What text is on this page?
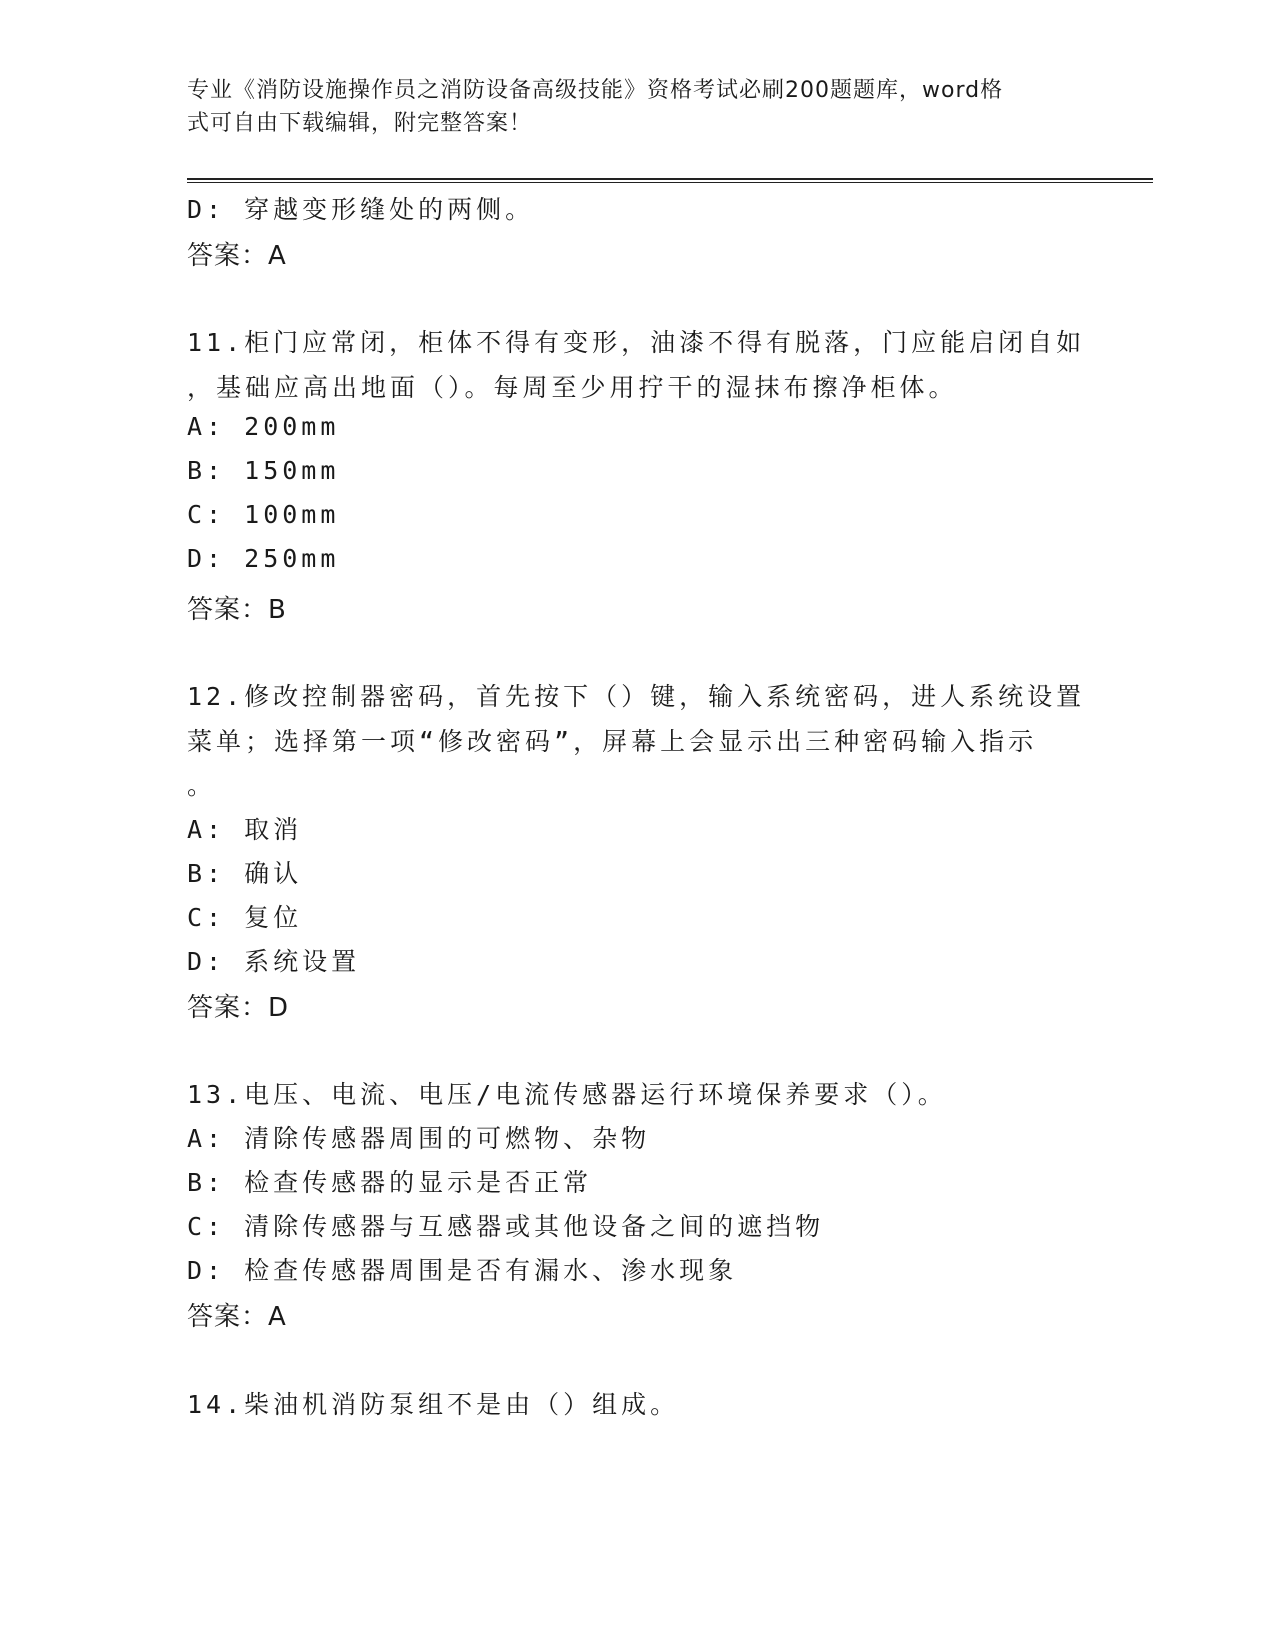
专业《消防设施操作员之消防设备高级技能》资格考试必刷200题题库，word格
式可自由下载编辑，附完整答案！
D: 穿越变形缝处的两侧。
答案：A
11.柜门应常闭，柜体不得有变形，油漆不得有脱落，门应能启闭自如
，基础应高出地面（）。每周至少用拧干的湿抹布擦净柜体。
A: 200mm
B: 150mm
C: 100mm
D: 250mm
答案：B
12.修改控制器密码，首先按下（）键，输入系统密码，进人系统设置
菜单；选择第一项“修改密码”，屏幕上会显示出三种密码输入指示
。
A: 取消
B: 确认
C: 复位
D: 系统设置
答案：D
13.电压、电流、电压/电流传感器运行环境保养要求（）。
A: 清除传感器周围的可燃物、杂物
B: 检查传感器的显示是否正常
C: 清除传感器与互感器或其他设备之间的遮挡物
D: 检查传感器周围是否有漏水、渗水现象
答案：A
14.柴油机消防泵组不是由（）组成。
